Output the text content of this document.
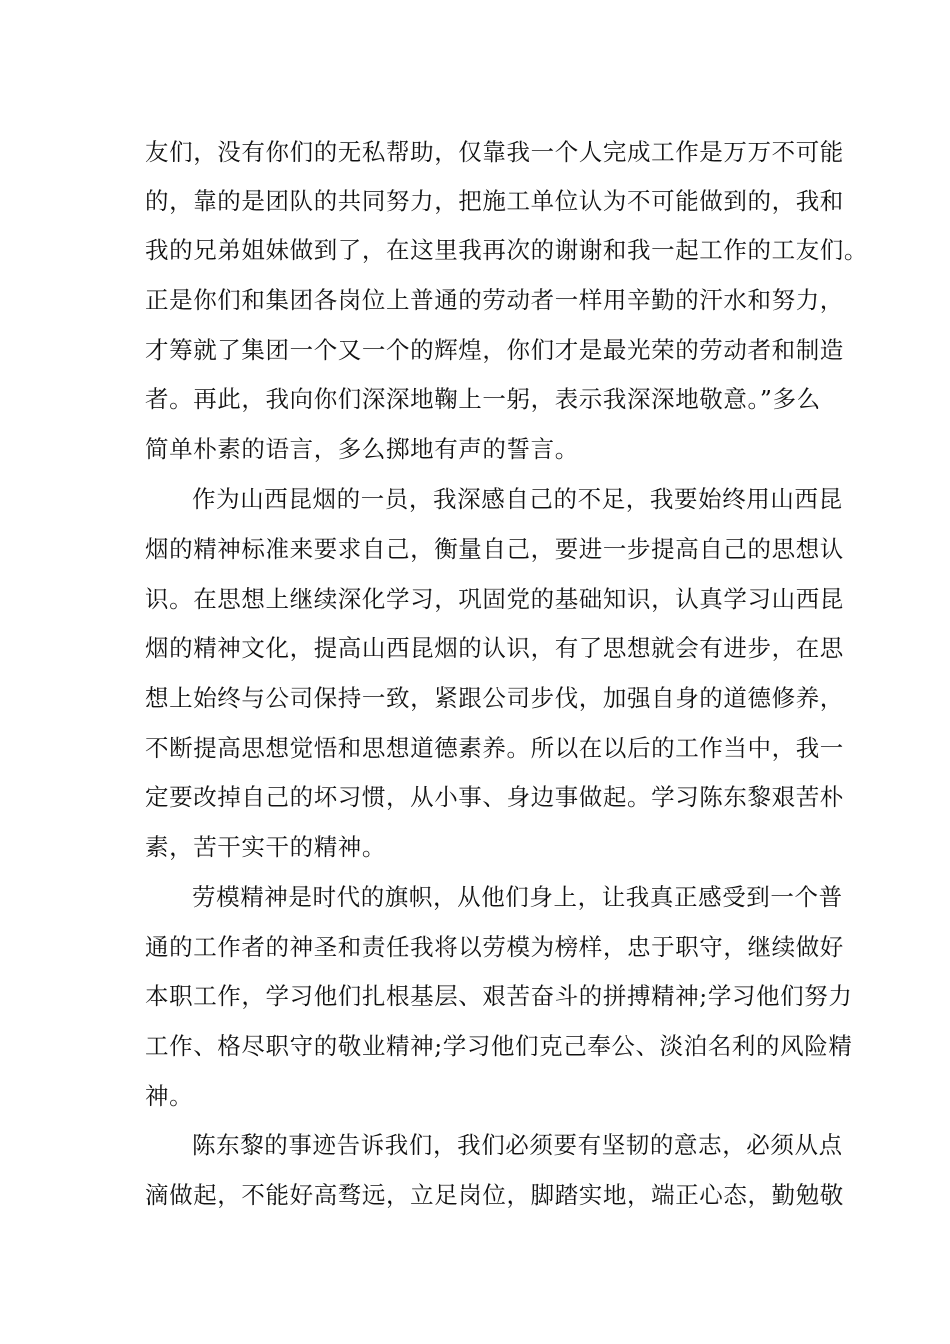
友们，没有你们的无私帮助，仅靠我一个人完成工作是万万不可能

的，靠的是团队的共同努力，把施工单位认为不可能做到的，我和

我的兄弟姐妹做到了，在这里我再次的谢谢和我一起工作的工友们。

正是你们和集团各岗位上普通的劳动者一样用辛勤的汗水和努力，

才筹就了集团一个又一个的辉煌，你们才是最光荣的劳动者和制造

者。再此，我向你们深深地鞠上一躬，表示我深深地敬意。”多么

简单朴素的语言，多么掷地有声的誓言。

作为山西昆烟的一员，我深感自己的不足，我要始终用山西昆

烟的精神标准来要求自己，衡量自己，要进一步提高自己的思想认

识。在思想上继续深化学习，巩固党的基础知识，认真学习山西昆

烟的精神文化，提高山西昆烟的认识，有了思想就会有进步，在思

想上始终与公司保持一致，紧跟公司步伐，加强自身的道德修养，

不断提高思想觉悟和思想道德素养。所以在以后的工作当中，我一

定要改掉自己的坏习惯，从小事、身边事做起。学习陈东黎艰苦朴

素，苦干实干的精神。

劳模精神是时代的旗帜，从他们身上，让我真正感受到一个普

通的工作者的神圣和责任我将以劳模为榜样，忠于职守，继续做好

本职工作，学习他们扎根基层、艰苦奋斗的拼搏精神;学习他们努力

工作、格尽职守的敬业精神;学习他们克己奉公、淡泊名利的风险精

神。

陈东黎的事迹告诉我们，我们必须要有坚韧的意志，必须从点

滴做起，不能好高骛远，立足岗位，脚踏实地，端正心态，勤勉敬
